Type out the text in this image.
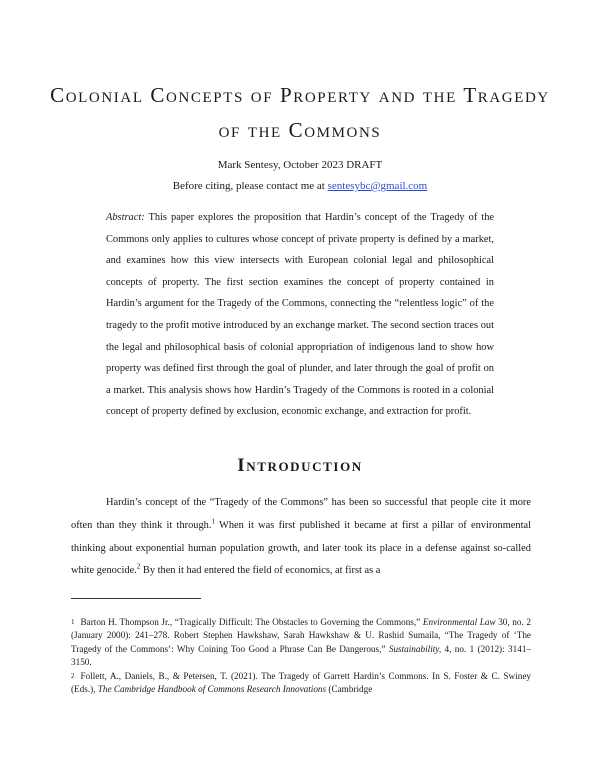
Colonial Concepts of Property and the Tragedy
of the Commons
Mark Sentesy, October 2023 DRAFT
Before citing, please contact me at sentesybc@gmail.com

Abstract: This paper explores the proposition that Hardin’s concept of the Tragedy of the Commons only applies to cultures whose concept of private property is defined by a market, and examines how this view intersects with European colonial legal and philosophical concepts of property. The first section examines the concept of property contained in Hardin’s argument for the Tragedy of the Commons, connecting the “relentless logic” of the tragedy to the profit motive introduced by an exchange market. The second section traces out the legal and philosophical basis of colonial appropriation of indigenous land to show how property was defined first through the goal of plunder, and later through the goal of profit on a market. This analysis shows how Hardin’s Tragedy of the Commons is rooted in a colonial concept of property defined by exclusion, economic exchange, and extraction for profit.

Introduction

Hardin’s concept of the “Tragedy of the Commons” has been so successful that people cite it more often than they think it through.$^1$ When it was first published it became at first a pillar of environmental thinking about exponential human population growth, and later took its place in a defense against so-called white genocide.$^2$ By then it had entered the field of economics, at first as a

$^1$ Barton H. Thompson Jr., “Tragically Difficult: The Obstacles to Governing the Commons,” Environmental Law 30, no. 2 (January 2000): 241–278. Robert Stephen Hawkshaw, Sarah Hawkshaw & U. Rashid Sumaila, “The Tragedy of ‘The Tragedy of the Commons’: Why Coining Too Good a Phrase Can Be Dangerous,” Sustainability, 4, no. 1 (2012): 3141–3150.

$^2$ Follett, A., Daniels, B., & Petersen, T. (2021). The Tragedy of Garrett Hardin’s Commons. In S. Foster & C. Swiney (Eds.), The Cambridge Handbook of Commons Research Innovations (Cambridge
